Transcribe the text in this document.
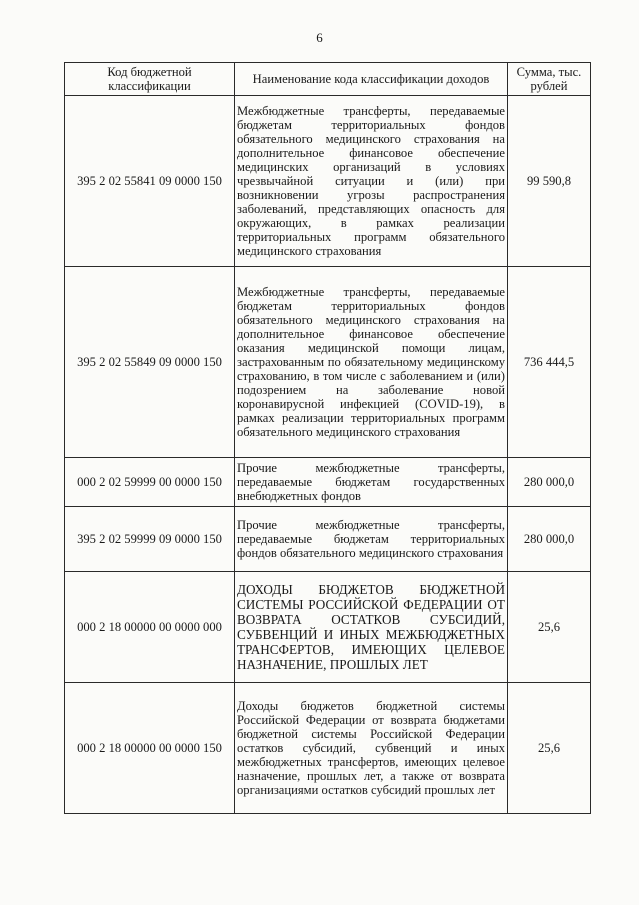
6
Код бюджетной классификации	Наименование кода классификации доходов	Сумма, тыс. рублей
395 2 02 55841 09 0000 150	Межбюджетные трансферты, передаваемые бюджетам территориальных фондов обязательного медицинского страхования на дополнительное финансовое обеспечение медицинских организаций в условиях чрезвычайной ситуации и (или) при возникновении угрозы распространения заболеваний, представляющих опасность для окружающих, в рамках реализации территориальных программ обязательного медицинского страхования	99 590,8
395 2 02 55849 09 0000 150	Межбюджетные трансферты, передаваемые бюджетам территориальных фондов обязательного медицинского страхования на дополнительное финансовое обеспечение оказания медицинской помощи лицам, застрахованным по обязательному медицинскому страхованию, в том числе с заболеванием и (или) подозрением на заболевание новой коронавирусной инфекцией (COVID-19), в рамках реализации территориальных программ обязательного медицинского страхования	736 444,5
000 2 02 59999 00 0000 150	Прочие межбюджетные трансферты, передаваемые бюджетам государственных внебюджетных фондов	280 000,0
395 2 02 59999 09 0000 150	Прочие межбюджетные трансферты, передаваемые бюджетам территориальных фондов обязательного медицинского страхования	280 000,0
000 2 18 00000 00 0000 000	ДОХОДЫ БЮДЖЕТОВ БЮДЖЕТНОЙ СИСТЕМЫ РОССИЙСКОЙ ФЕДЕРАЦИИ ОТ ВОЗВРАТА ОСТАТКОВ СУБСИДИЙ, СУБВЕНЦИЙ И ИНЫХ МЕЖБЮДЖЕТНЫХ ТРАНСФЕРТОВ, ИМЕЮЩИХ ЦЕЛЕВОЕ НАЗНАЧЕНИЕ, ПРОШЛЫХ ЛЕТ	25,6
000 2 18 00000 00 0000 150	Доходы бюджетов бюджетной системы Российской Федерации от возврата бюджетами бюджетной системы Российской Федерации остатков субсидий, субвенций и иных межбюджетных трансфертов, имеющих целевое назначение, прошлых лет, а также от возврата организациями остатков субсидий прошлых лет	25,6
